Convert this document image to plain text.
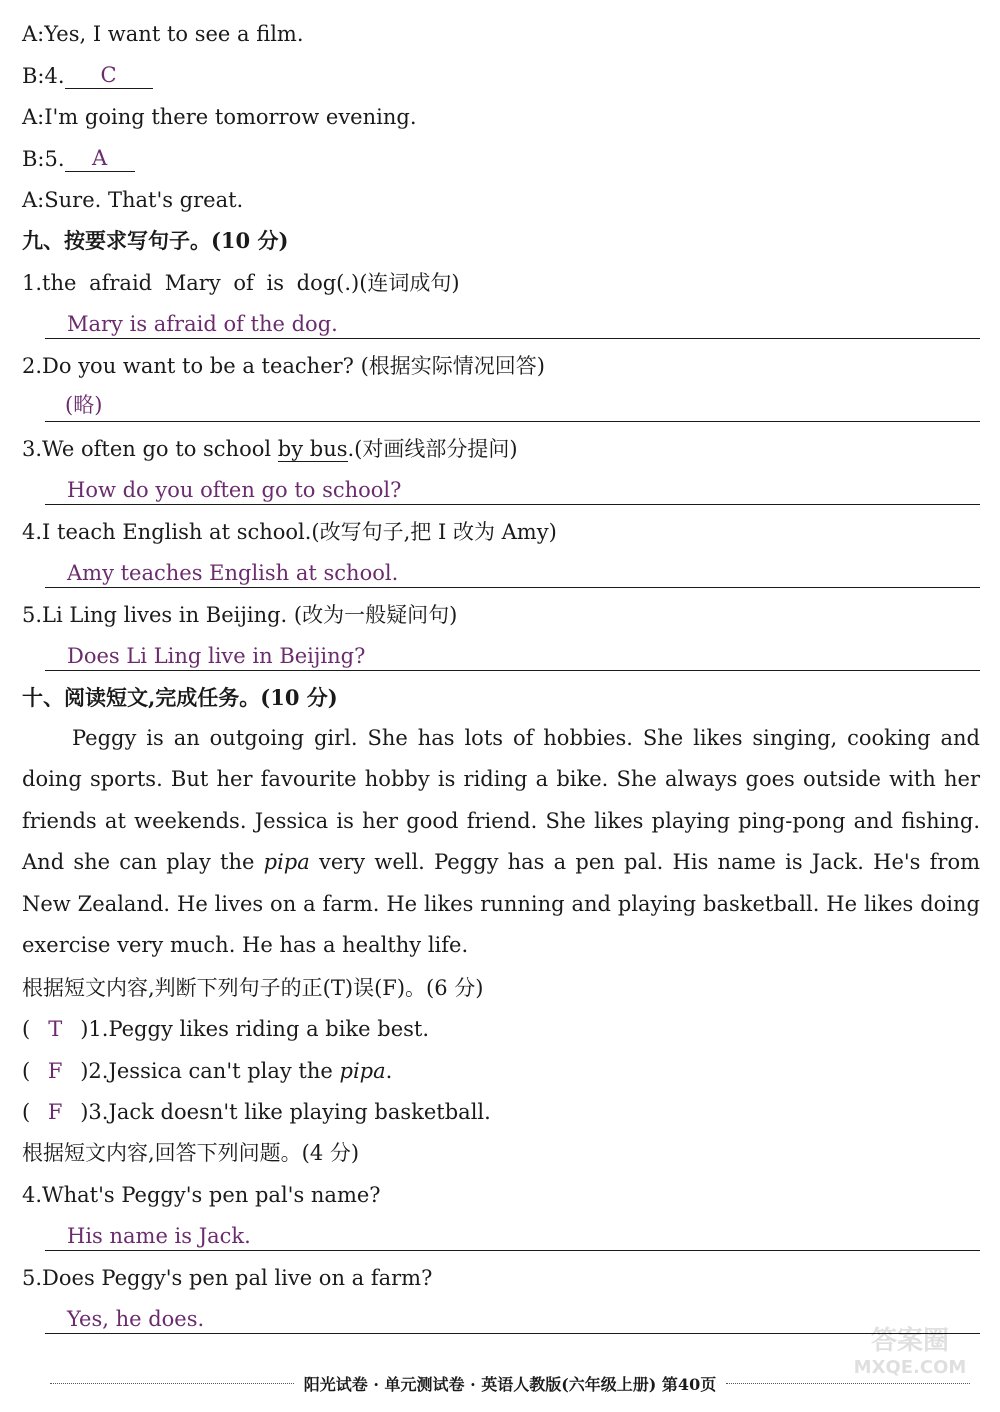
A:Yes, I want to see a film.
B:4. C
A:I'm going there tomorrow evening.
B:5. A
A:Sure. That's great.
九、按要求写句子。(10 分)
1.the afraid Mary of is dog(.)(连词成句)
Mary is afraid of the dog.
2.Do you want to be a teacher? (根据实际情况回答)
(略)
3.We often go to school by bus.(对画线部分提问)
How do you often go to school?
4.I teach English at school.(改写句子,把 I 改为 Amy)
Amy teaches English at school.
5.Li Ling lives in Beijing. (改为一般疑问句)
Does Li Ling live in Beijing?
十、阅读短文,完成任务。(10 分)
Peggy is an outgoing girl. She has lots of hobbies. She likes singing, cooking and doing sports. But her favourite hobby is riding a bike. She always goes outside with her friends at weekends. Jessica is her good friend. She likes playing ping-pong and fishing. And she can play the pipa very well. Peggy has a pen pal. His name is Jack. He's from New Zealand. He lives on a farm. He likes running and playing basketball. He likes doing exercise very much. He has a healthy life.
根据短文内容,判断下列句子的正(T)误(F)。(6 分)
( T )1.Peggy likes riding a bike best.
( F )2.Jessica can't play the pipa.
( F )3.Jack doesn't like playing basketball.
根据短文内容,回答下列问题。(4 分)
4.What's Peggy's pen pal's name?
His name is Jack.
5.Does Peggy's pen pal live on a farm?
Yes, he does.
答案圈
MXQE.COM
阳光试卷 · 单元测试卷 · 英语人教版(六年级上册) 第40页
